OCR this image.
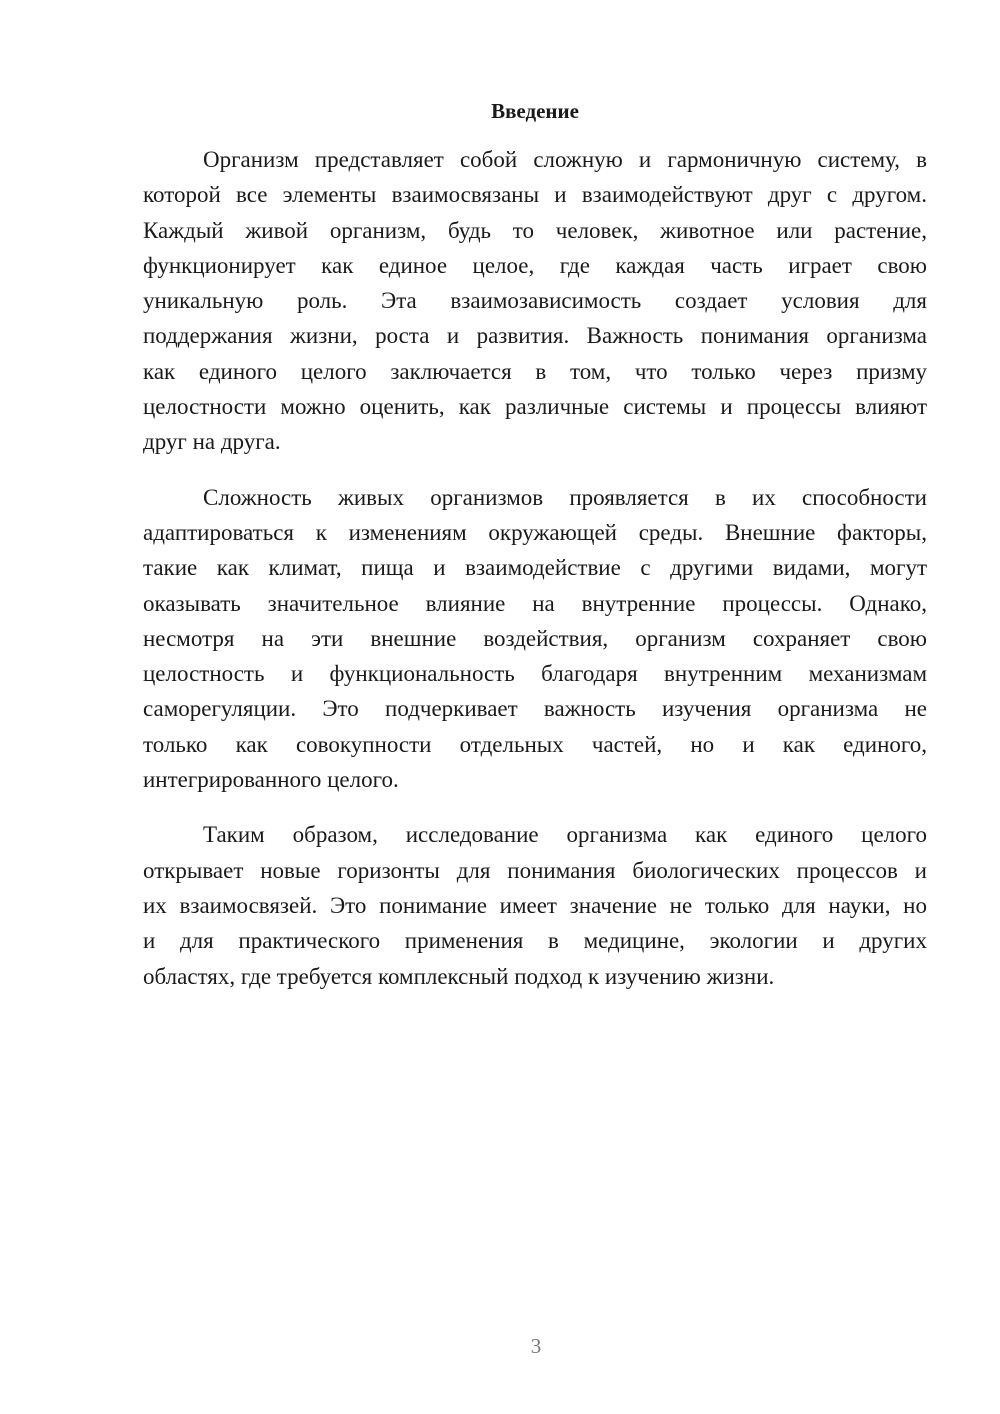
Введение
Организм представляет собой сложную и гармоничную систему, в
которой все элементы взаимосвязаны и взаимодействуют друг с другом.
Каждый живой организм, будь то человек, животное или растение,
функционирует как единое целое, где каждая часть играет свою
уникальную роль. Эта взаимозависимость создает условия для
поддержания жизни, роста и развития. Важность понимания организма
как единого целого заключается в том, что только через призму
целостности можно оценить, как различные системы и процессы влияют
друг на друга.
Сложность живых организмов проявляется в их способности
адаптироваться к изменениям окружающей среды. Внешние факторы,
такие как климат, пища и взаимодействие с другими видами, могут
оказывать значительное влияние на внутренние процессы. Однако,
несмотря на эти внешние воздействия, организм сохраняет свою
целостность и функциональность благодаря внутренним механизмам
саморегуляции. Это подчеркивает важность изучения организма не
только как совокупности отдельных частей, но и как единого,
интегрированного целого.
Таким образом, исследование организма как единого целого
открывает новые горизонты для понимания биологических процессов и
их взаимосвязей. Это понимание имеет значение не только для науки, но
и для практического применения в медицине, экологии и других
областях, где требуется комплексный подход к изучению жизни.
3
